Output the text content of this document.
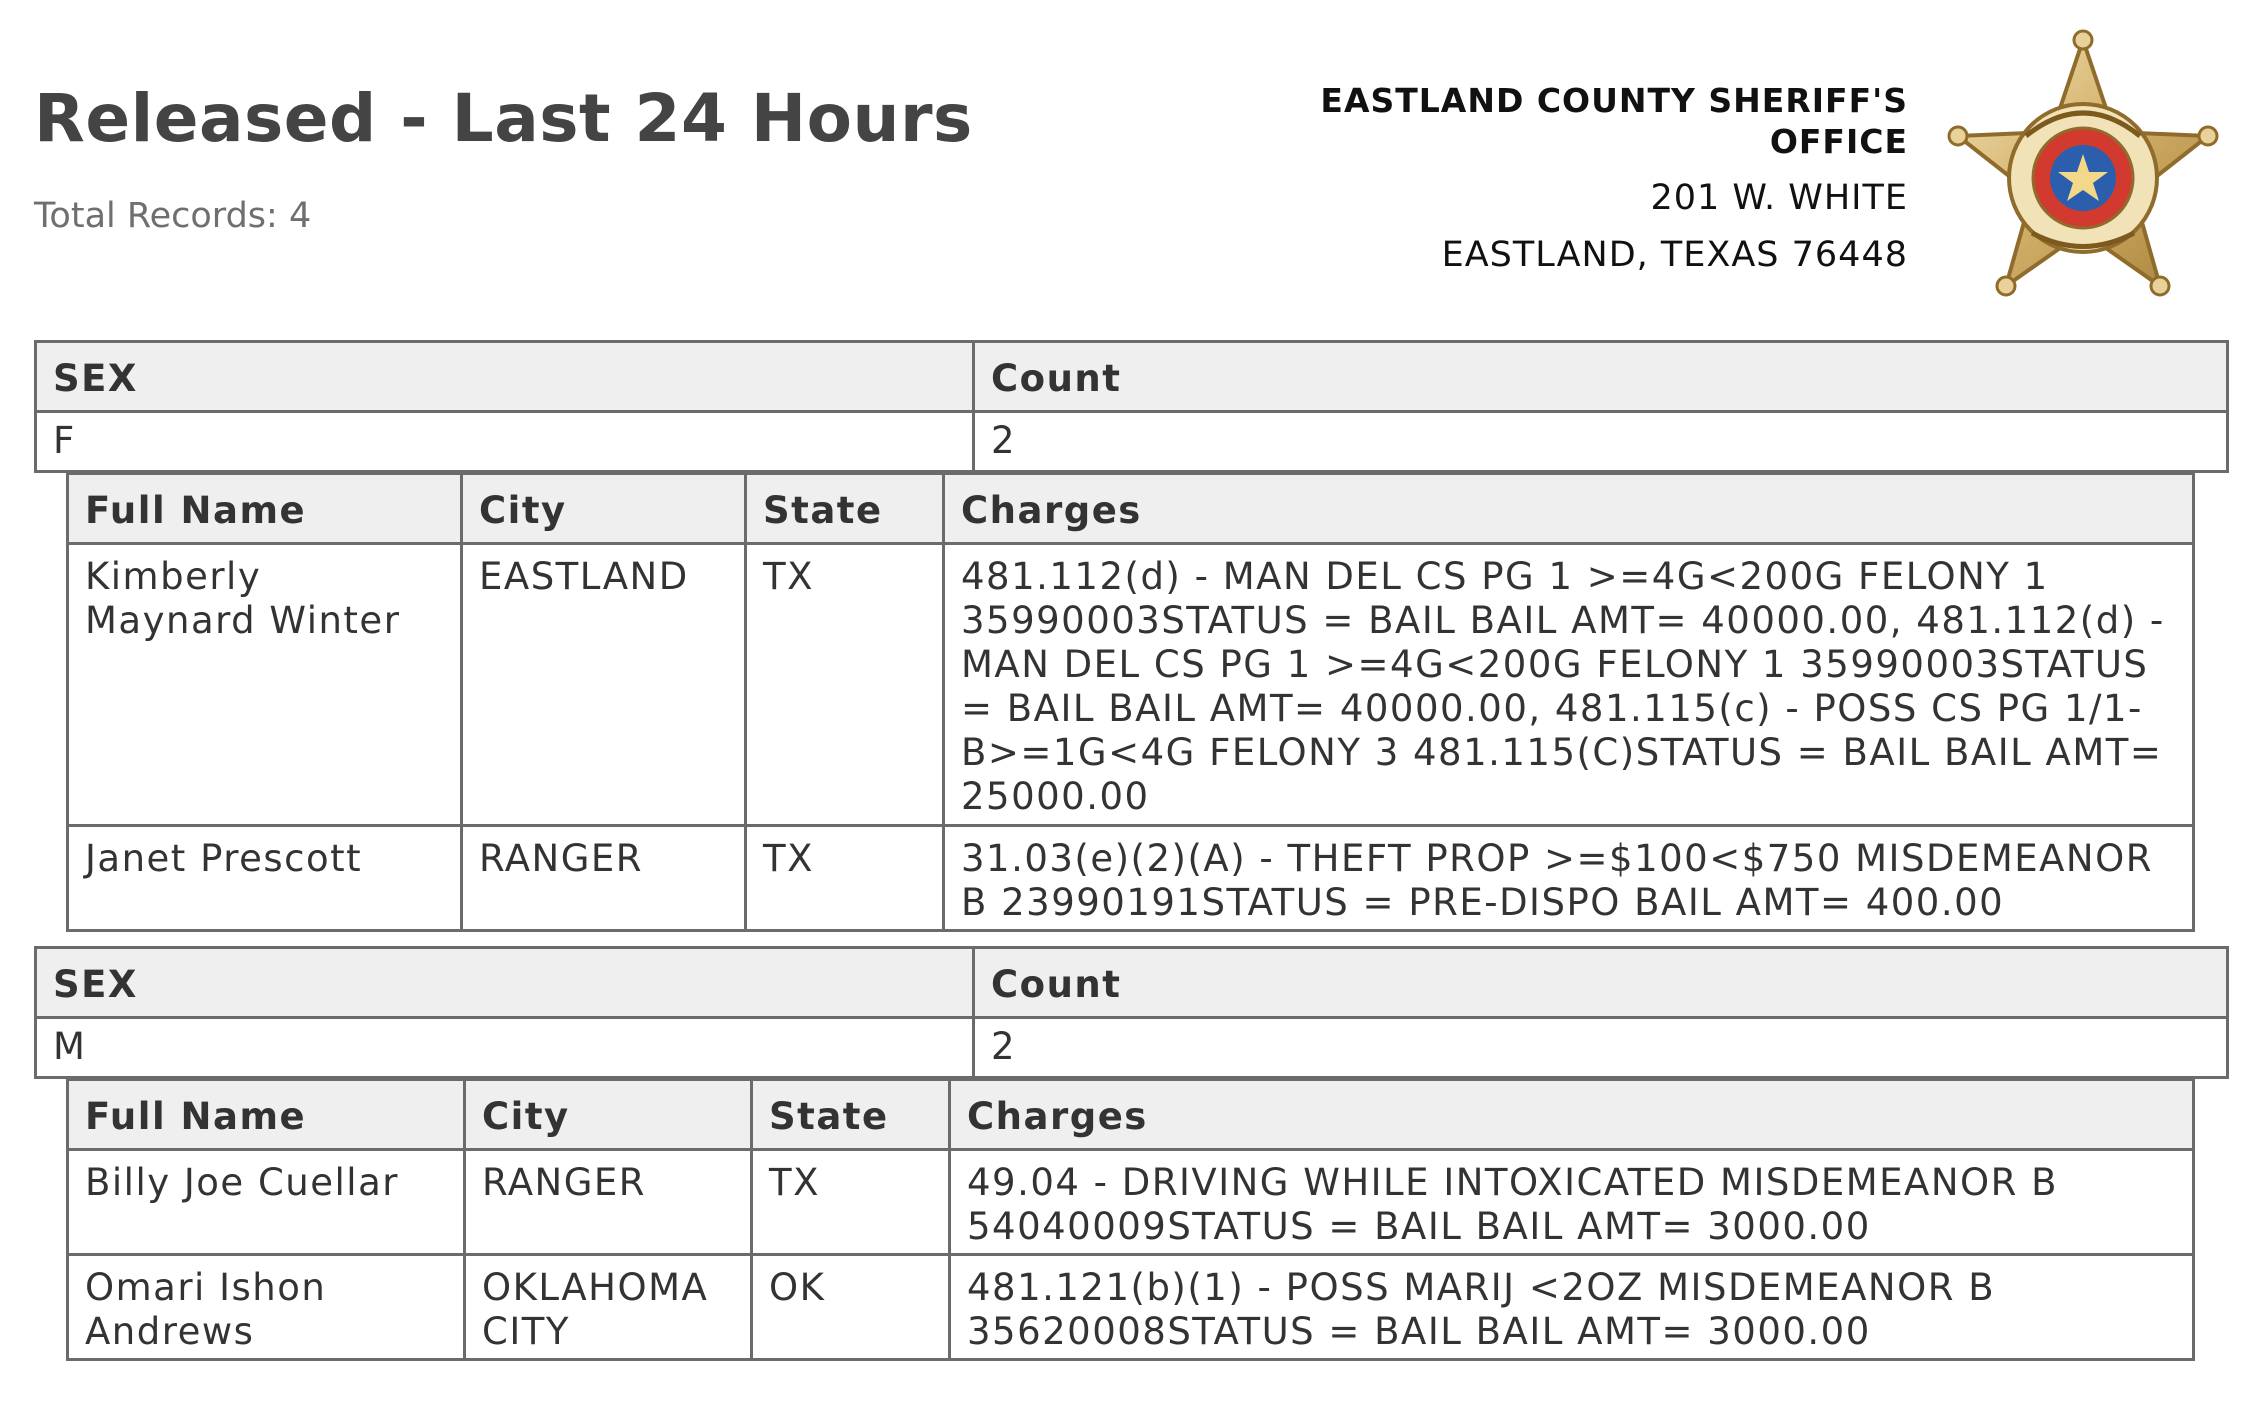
Released - Last 24 Hours
Total Records: 4
EASTLAND COUNTY SHERIFF'S
OFFICE
201 W. WHITE
EASTLAND, TEXAS 76448
SEX	Count
F	2
Full Name	City	State	Charges
Kimberly Maynard Winter	EASTLAND	TX	481.112(d) - MAN DEL CS PG 1 >=4G<200G FELONY 1 35990003STATUS = BAIL BAIL AMT= 40000.00, 481.112(d) - MAN DEL CS PG 1 >=4G<200G FELONY 1 35990003STATUS = BAIL BAIL AMT= 40000.00, 481.115(c) - POSS CS PG 1/1-B>=1G<4G FELONY 3 481.115(C)STATUS = BAIL BAIL AMT= 25000.00
Janet Prescott	RANGER	TX	31.03(e)(2)(A) - THEFT PROP >=$100<$750 MISDEMEANOR B 23990191STATUS = PRE-DISPO BAIL AMT= 400.00
SEX	Count
M	2
Full Name	City	State	Charges
Billy Joe Cuellar	RANGER	TX	49.04 - DRIVING WHILE INTOXICATED MISDEMEANOR B 54040009STATUS = BAIL BAIL AMT= 3000.00
Omari Ishon Andrews	OKLAHOMA CITY	OK	481.121(b)(1) - POSS MARIJ <2OZ MISDEMEANOR B 35620008STATUS = BAIL BAIL AMT= 3000.00
